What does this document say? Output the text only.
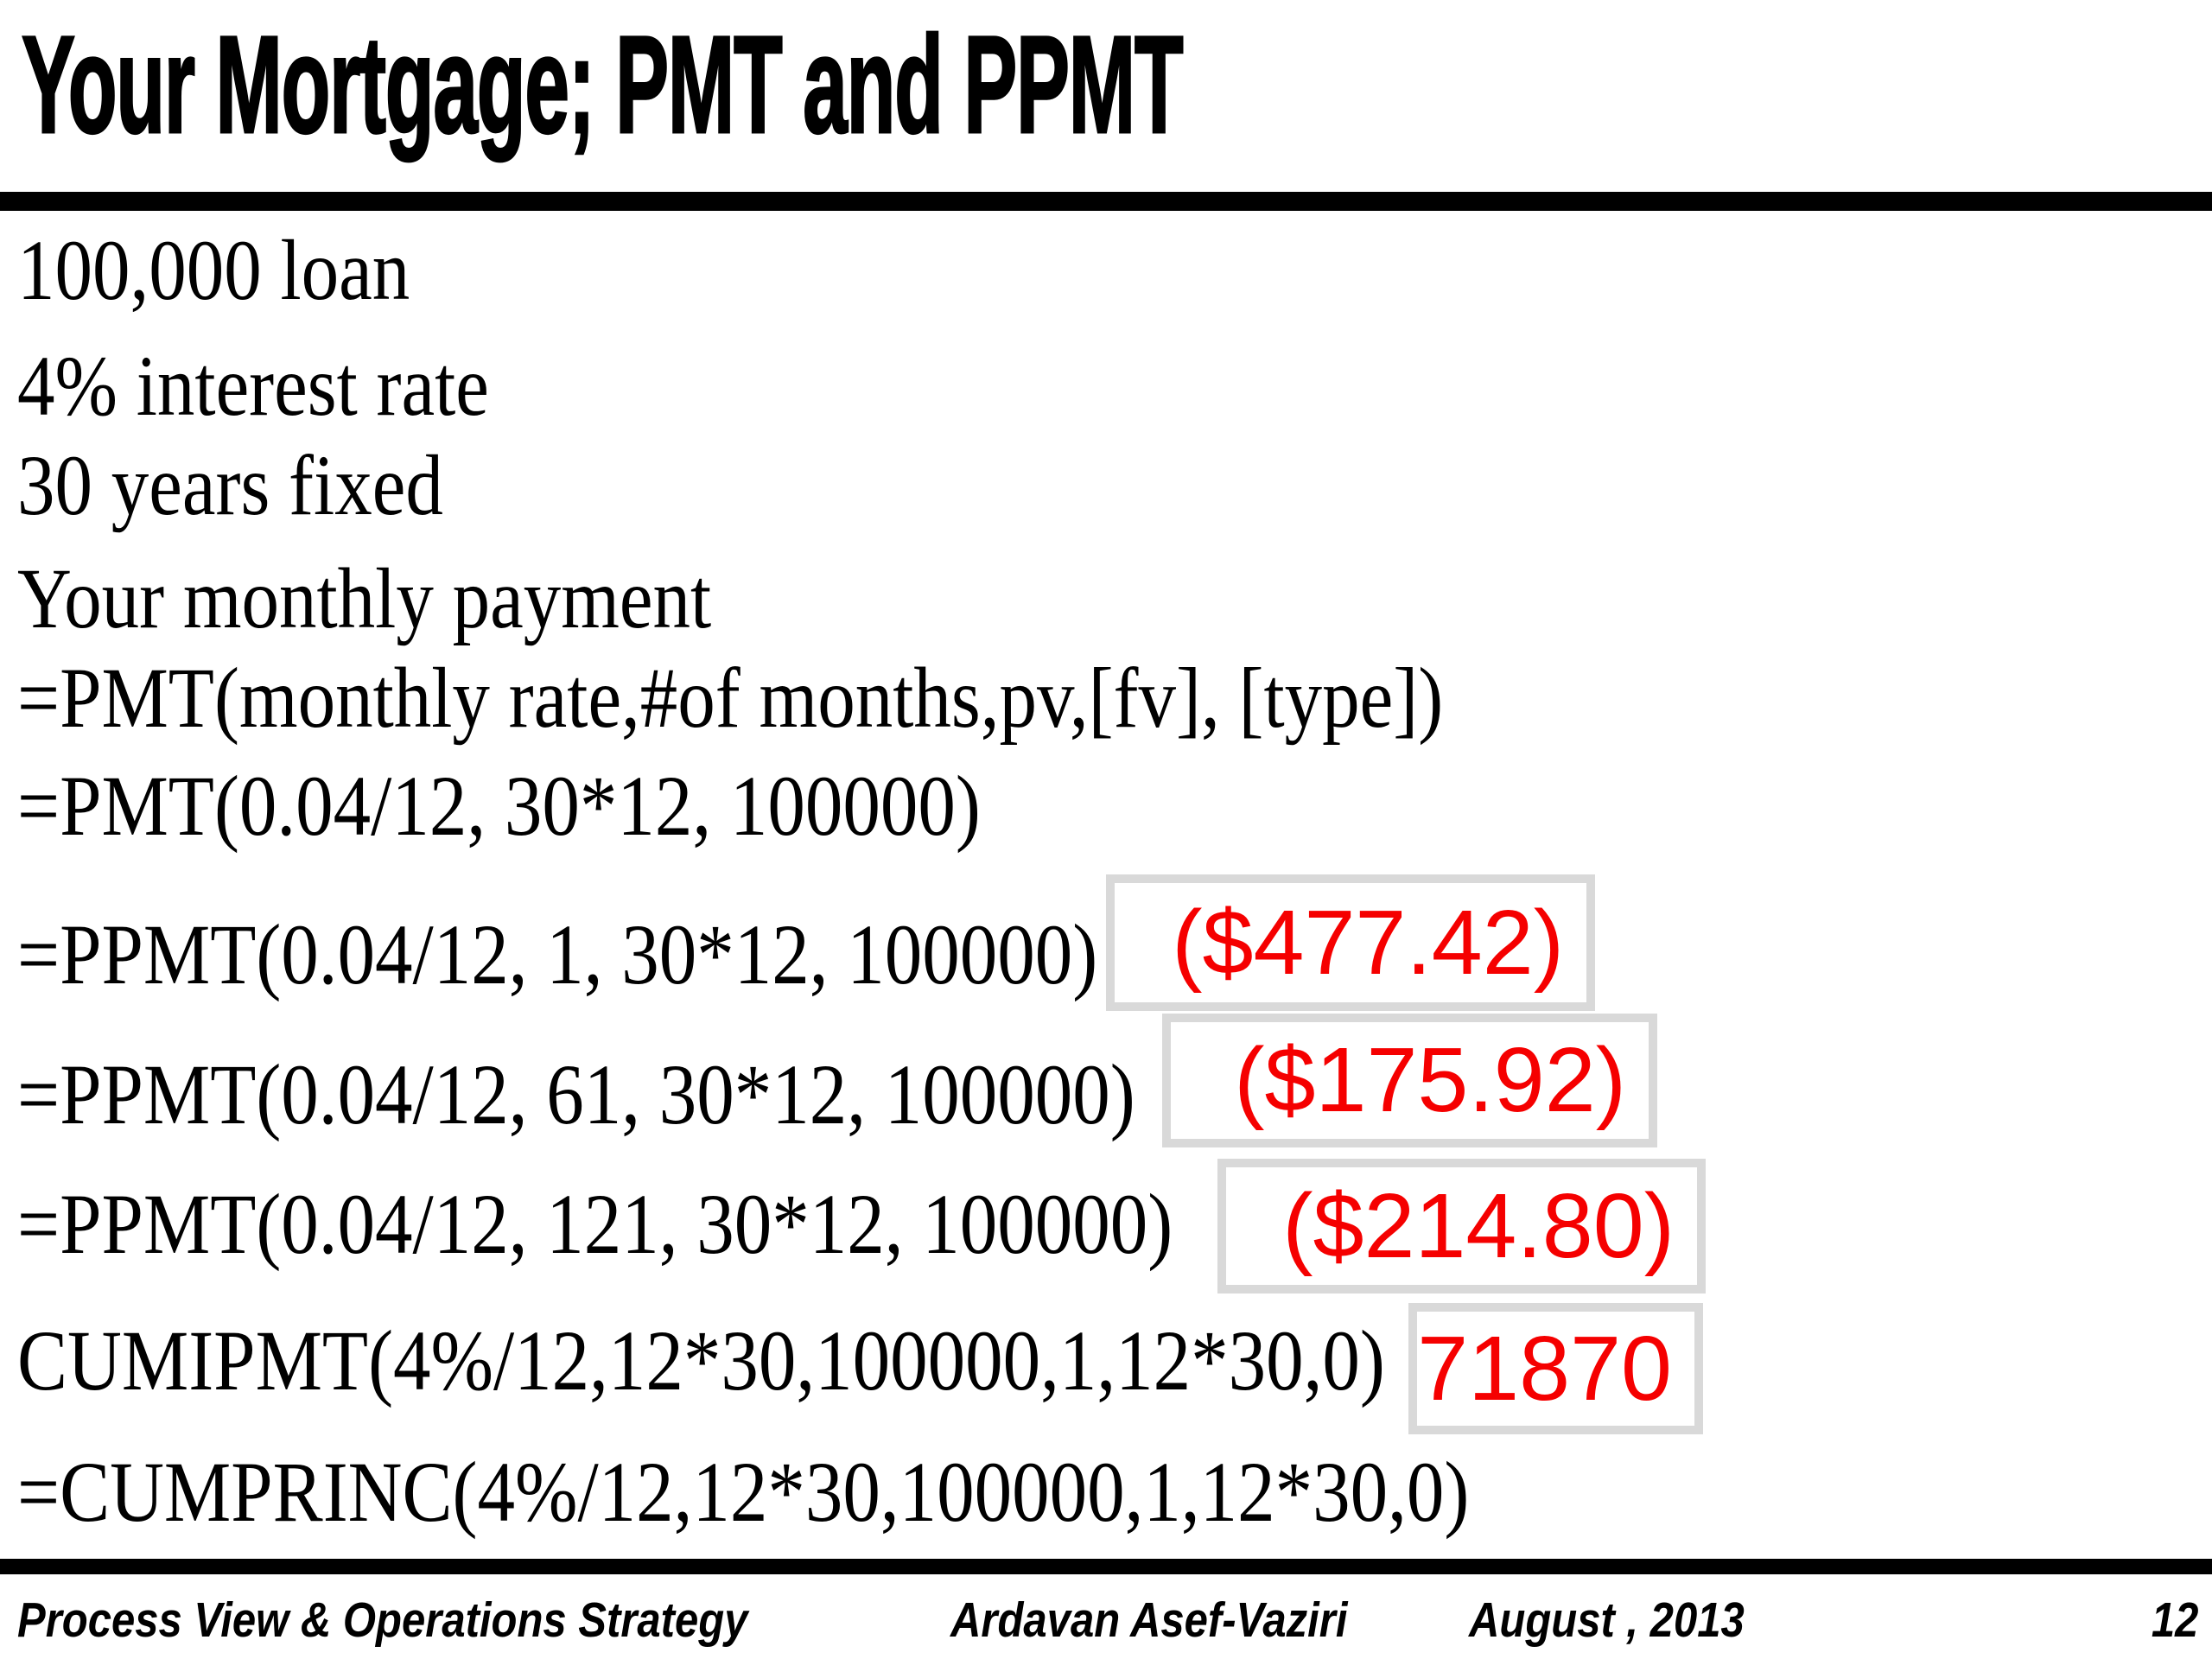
Your Mortgage; PMT and PPMT
100,000 loan
4% interest rate
30 years fixed
Your monthly payment
=PMT(monthly rate,#of months,pv,[fv], [type])
=PMT(0.04/12, 30*12, 100000)
=PPMT(0.04/12, 1, 30*12, 100000)
=PPMT(0.04/12, 61, 30*12, 100000)
=PPMT(0.04/12, 121, 30*12, 100000)
CUMIPMT(4%/12,12*30,100000,1,12*30,0)
=CUMPRINC(4%/12,12*30,100000,1,12*30,0)
($477.42)
($175.92)
($214.80)
71870
Process View & Operations Strategy	Ardavan Asef-Vaziri August , 2013	12
